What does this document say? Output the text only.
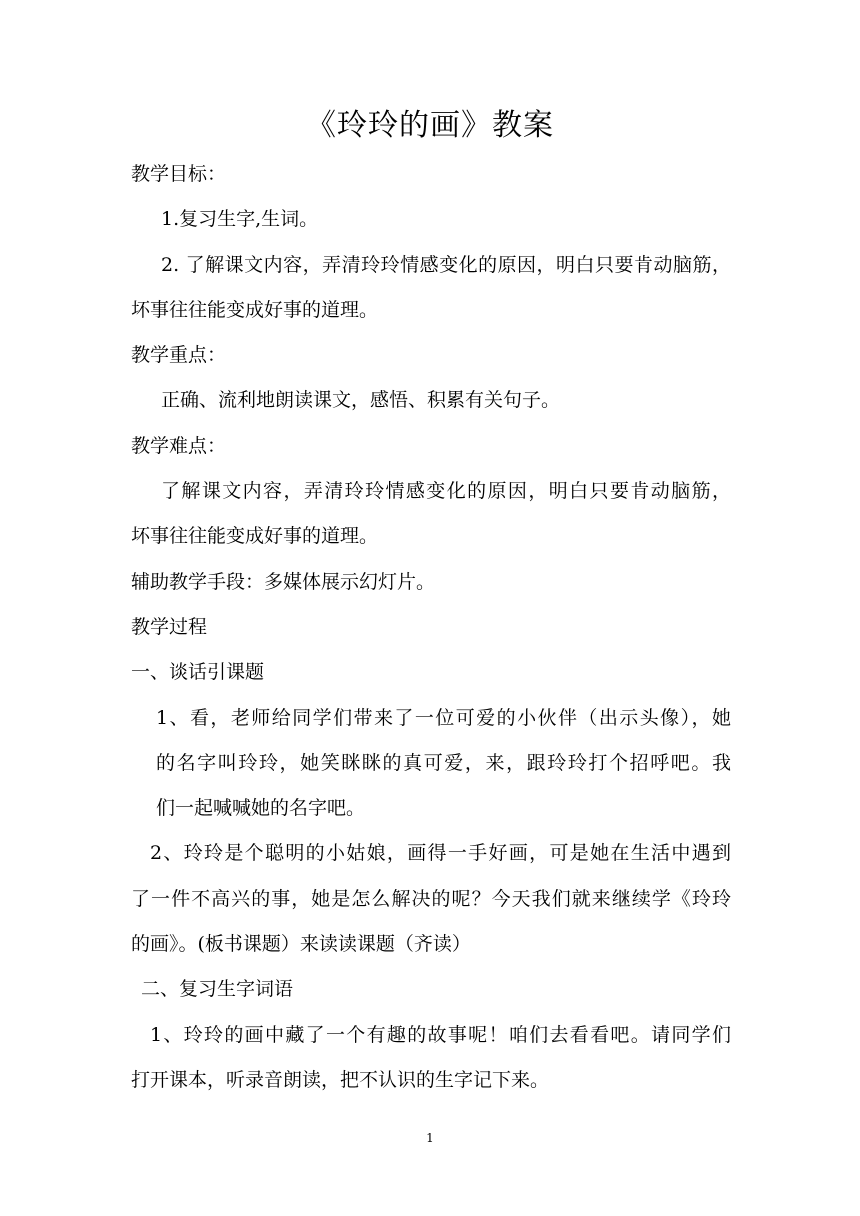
《玲玲的画》教案

教学目标：

1.复习生字,生词。

2. 了解课文内容，弄清玲玲情感变化的原因，明白只要肯动脑筋，

坏事往往能变成好事的道理。

教学重点：

正确、流利地朗读课文，感悟、积累有关句子。

教学难点：

了解课文内容，弄清玲玲情感变化的原因，明白只要肯动脑筋，

坏事往往能变成好事的道理。

辅助教学手段：多媒体展示幻灯片。

教学过程

一、谈话引课题

1、看，老师给同学们带来了一位可爱的小伙伴（出示头像），她

的名字叫玲玲，她笑眯眯的真可爱，来，跟玲玲打个招呼吧。我

们一起喊喊她的名字吧。

2、玲玲是个聪明的小姑娘，画得一手好画，可是她在生活中遇到

了一件不高兴的事，她是怎么解决的呢？今天我们就来继续学《玲玲

的画》。(板书课题）来读读课题（齐读）

二、复习生字词语

1、玲玲的画中藏了一个有趣的故事呢！咱们去看看吧。请同学们

打开课本，听录音朗读，把不认识的生字记下来。

1
